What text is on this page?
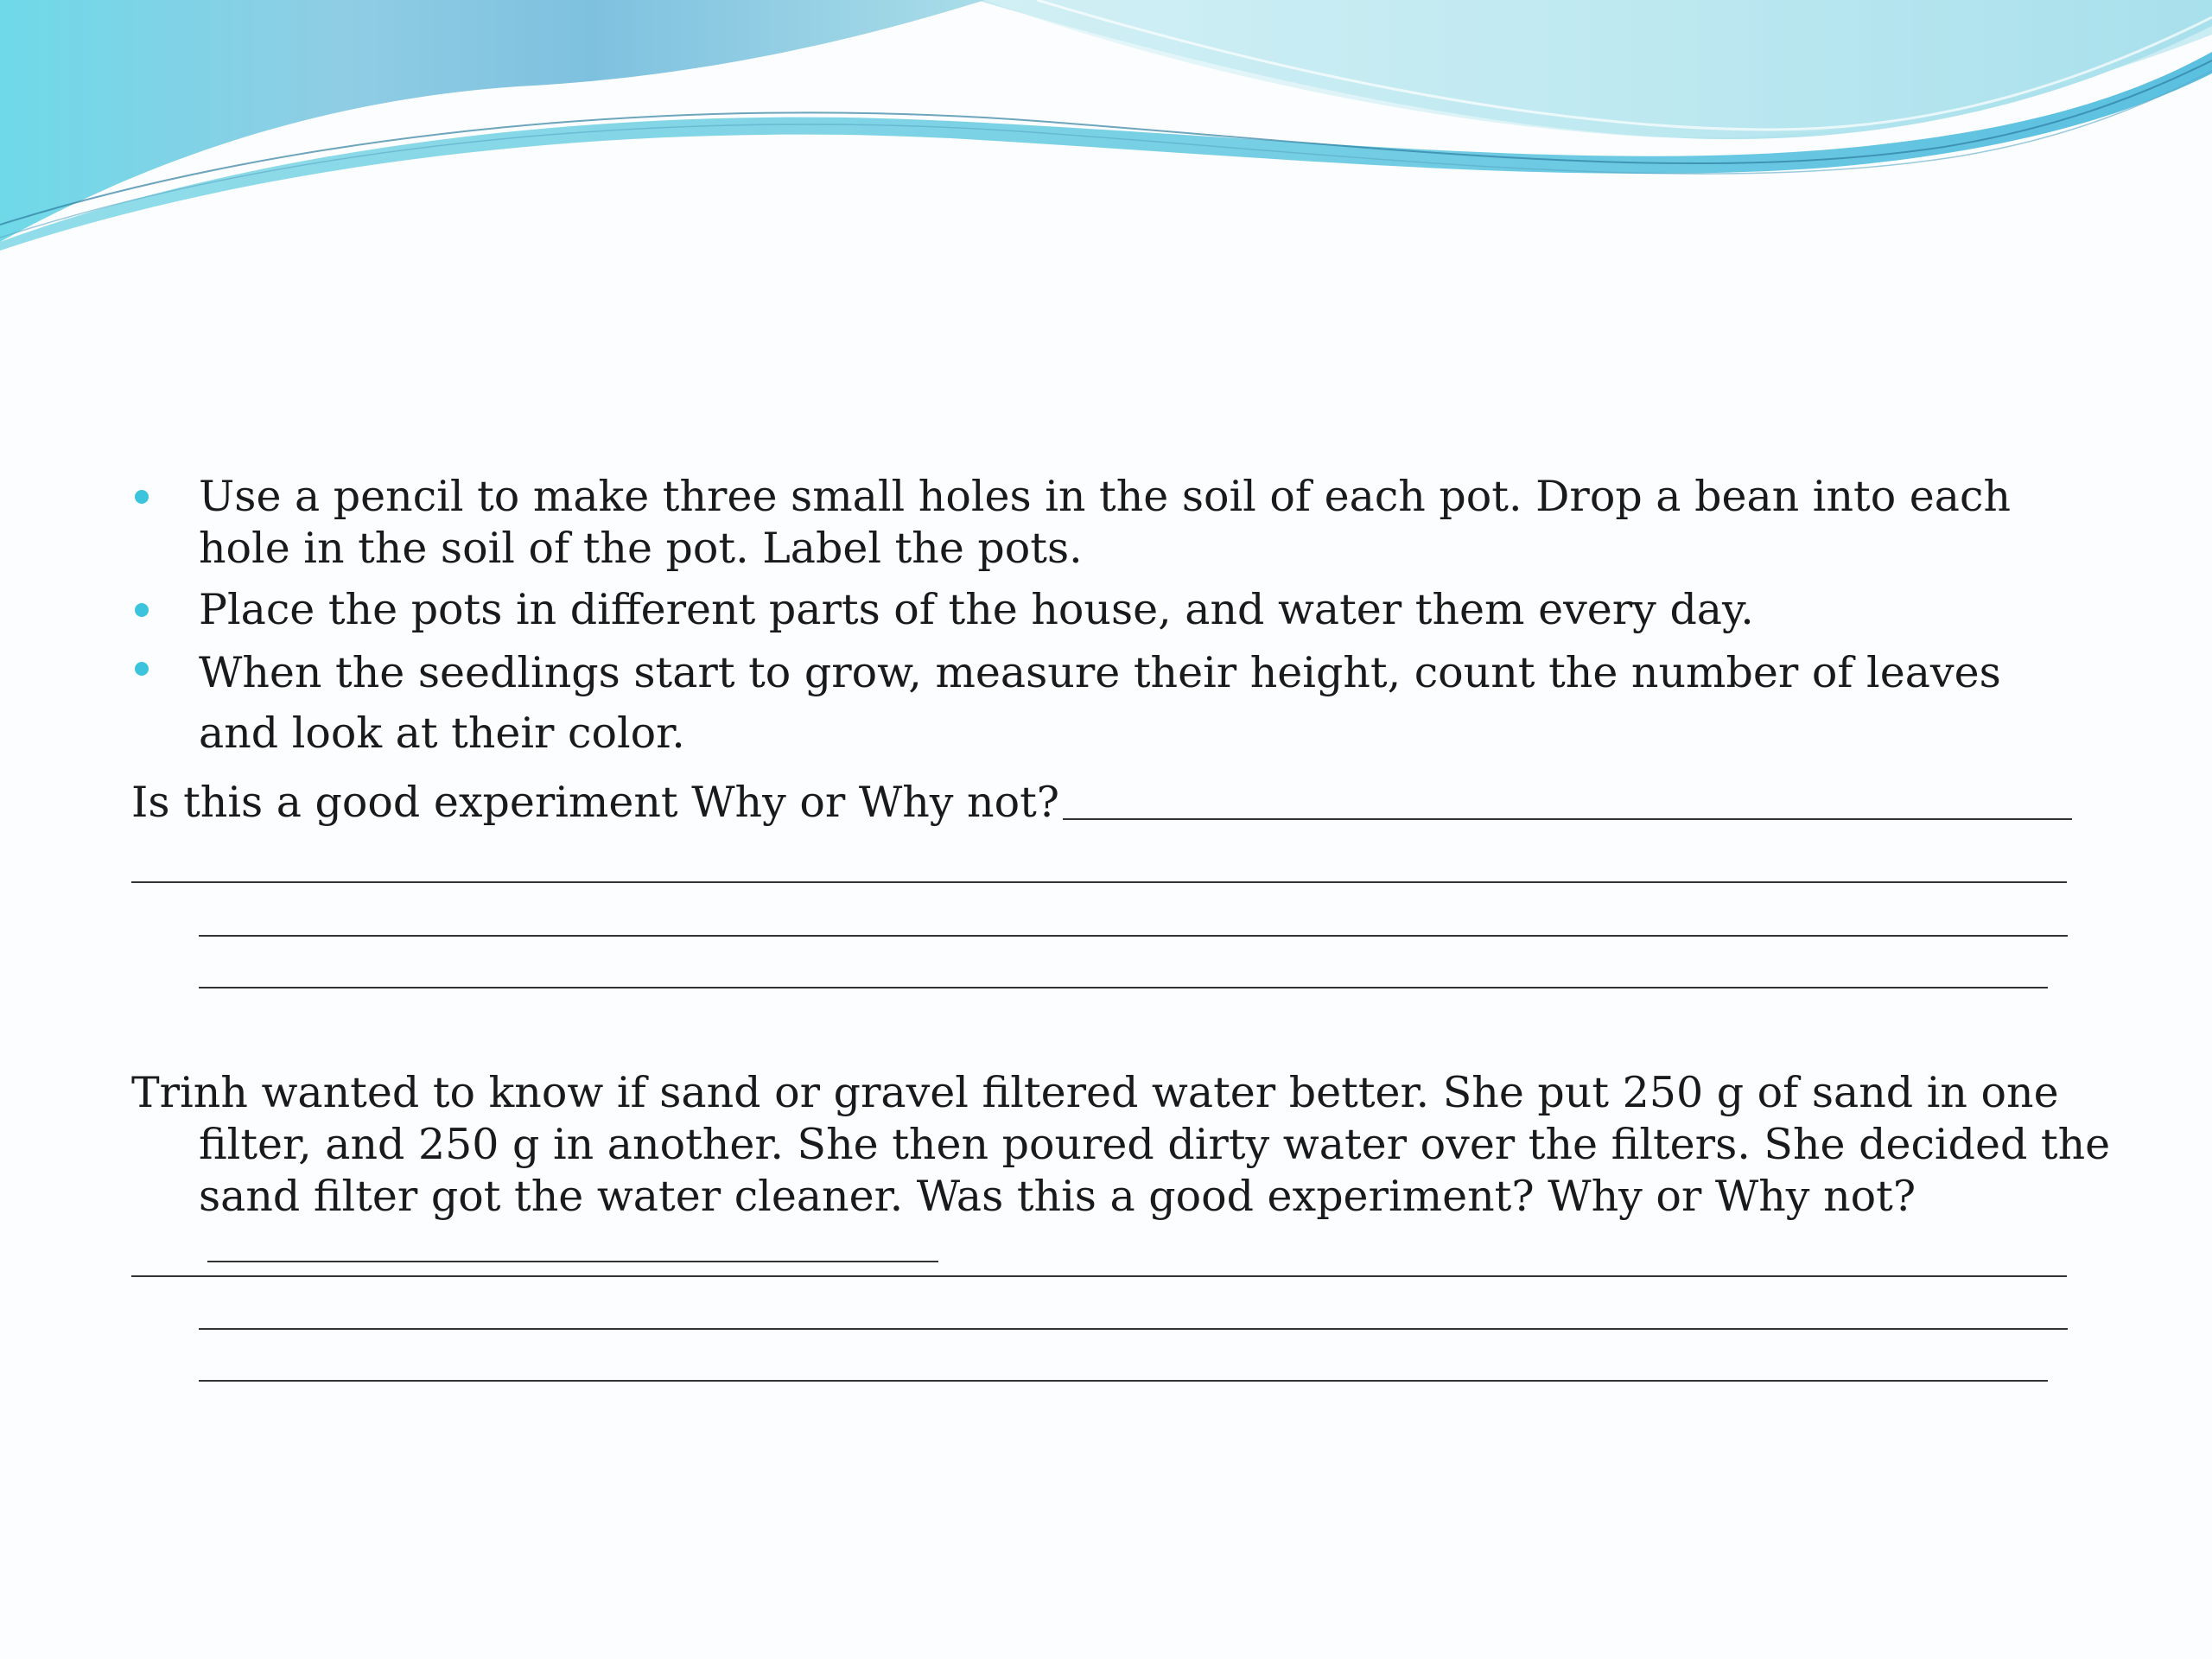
Use a pencil to make three small holes in the soil of each pot. Drop a bean into each hole in the soil of the pot. Label the pots.
Place the pots in different parts of the house, and water them every day.
When the seedlings start to grow, measure their height, count the number of leaves and look at their color.
Is this a good experiment Why or Why not?
Trinh wanted to know if sand or gravel filtered water better. She put 250 g of sand in one filter, and 250 g in another. She then poured dirty water over the filters. She decided the sand filter got the water cleaner. Was this a good experiment? Why or Why not?
